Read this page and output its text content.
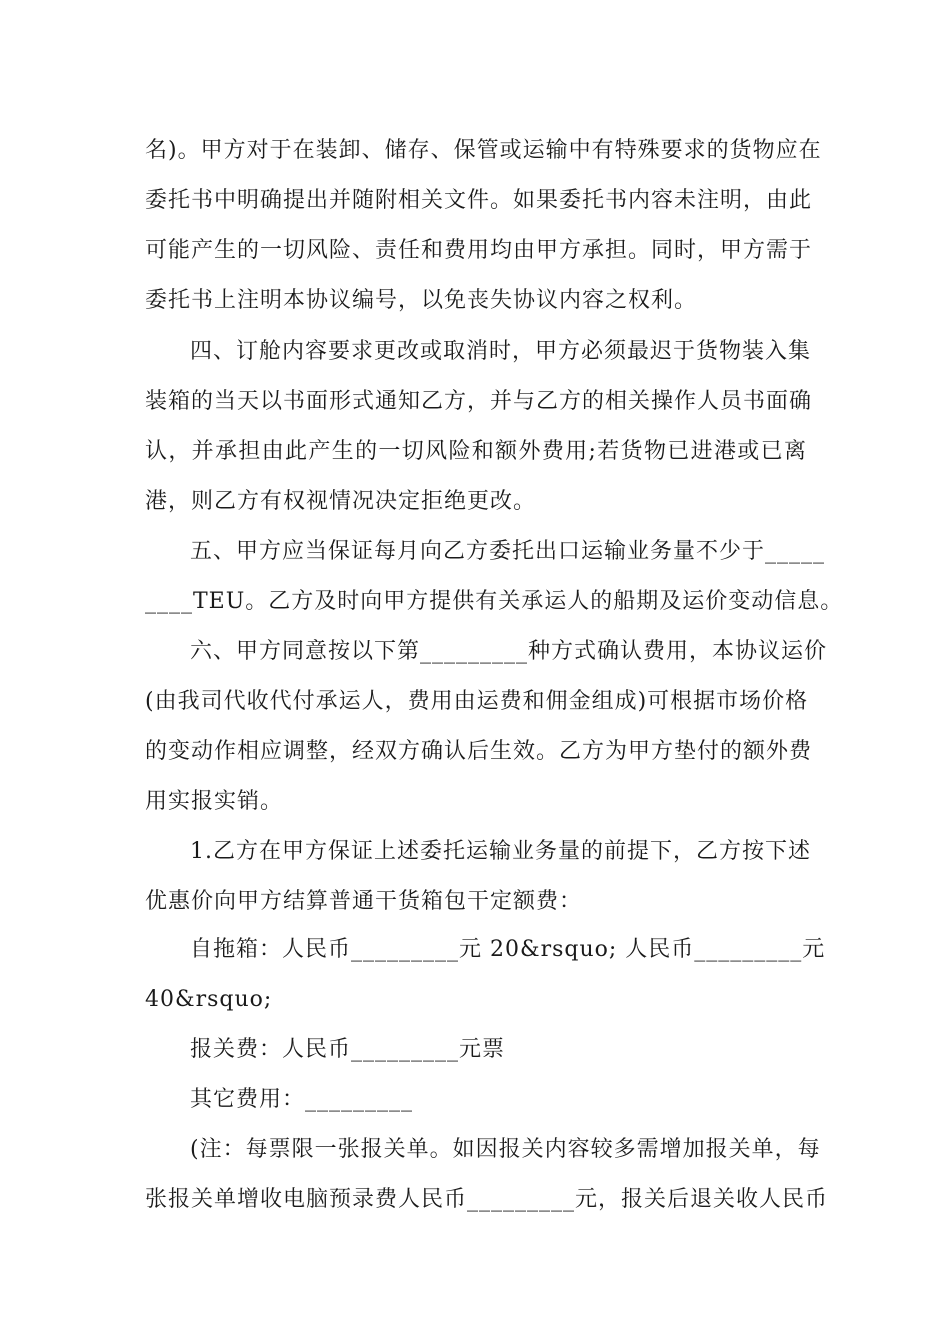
名)。甲方对于在装卸、储存、保管或运输中有特殊要求的货物应在
委托书中明确提出并随附相关文件。如果委托书内容未注明，由此
可能产生的一切风险、责任和费用均由甲方承担。同时，甲方需于
委托书上注明本协议编号，以免丧失协议内容之权利。
四、订舱内容要求更改或取消时，甲方必须最迟于货物装入集
装箱的当天以书面形式通知乙方，并与乙方的相关操作人员书面确
认，并承担由此产生的一切风险和额外费用;若货物已进港或已离
港，则乙方有权视情况决定拒绝更改。
五、甲方应当保证每月向乙方委托出口运输业务量不少于_____
____TEU。乙方及时向甲方提供有关承运人的船期及运价变动信息。
六、甲方同意按以下第_________种方式确认费用，本协议运价
(由我司代收代付承运人，费用由运费和佣金组成)可根据市场价格
的变动作相应调整，经双方确认后生效。乙方为甲方垫付的额外费
用实报实销。
1.乙方在甲方保证上述委托运输业务量的前提下，乙方按下述
优惠价向甲方结算普通干货箱包干定额费：
自拖箱：人民币_________元 20&rsquo; 人民币_________元
40&rsquo;
报关费：人民币_________元票
其它费用：_________
(注：每票限一张报关单。如因报关内容较多需增加报关单，每
张报关单增收电脑预录费人民币_________元，报关后退关收人民币
